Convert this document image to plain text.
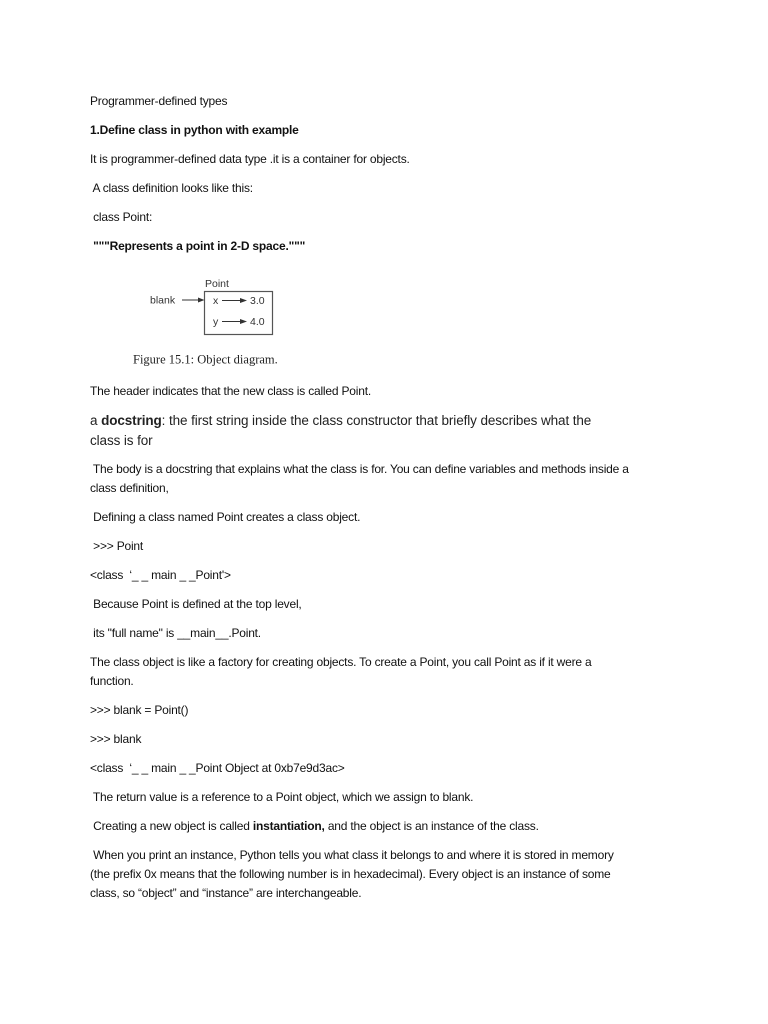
Programmer-defined types

1.Define class in python with example

It is programmer-defined data type .it is a container for objects.

A class definition looks like this:

class Point:

"""Represents a point in 2-D space."""

Point
blank	x	3.0
y	4.0
Figure 15.1: Object diagram.

The header indicates that the new class is called Point.

a docstring: the first string inside the class constructor that briefly describes what the
class is for

The body is a docstring that explains what the class is for. You can define variables and methods inside a
class definition,

Defining a class named Point creates a class object.

>>> Point

<class  ‘_ _ main _ _Point'>

Because Point is defined at the top level,

its "full name" is __main__.Point.

The class object is like a factory for creating objects. To create a Point, you call Point as if it were a
function.

>>> blank = Point()

>>> blank

<class  ‘_ _ main _ _Point Object at 0xb7e9d3ac>

The return value is a reference to a Point object, which we assign to blank.

Creating a new object is called instantiation, and the object is an instance of the class.

When you print an instance, Python tells you what class it belongs to and where it is stored in memory
(the prefix 0x means that the following number is in hexadecimal). Every object is an instance of some
class, so “object” and “instance” are interchangeable.
